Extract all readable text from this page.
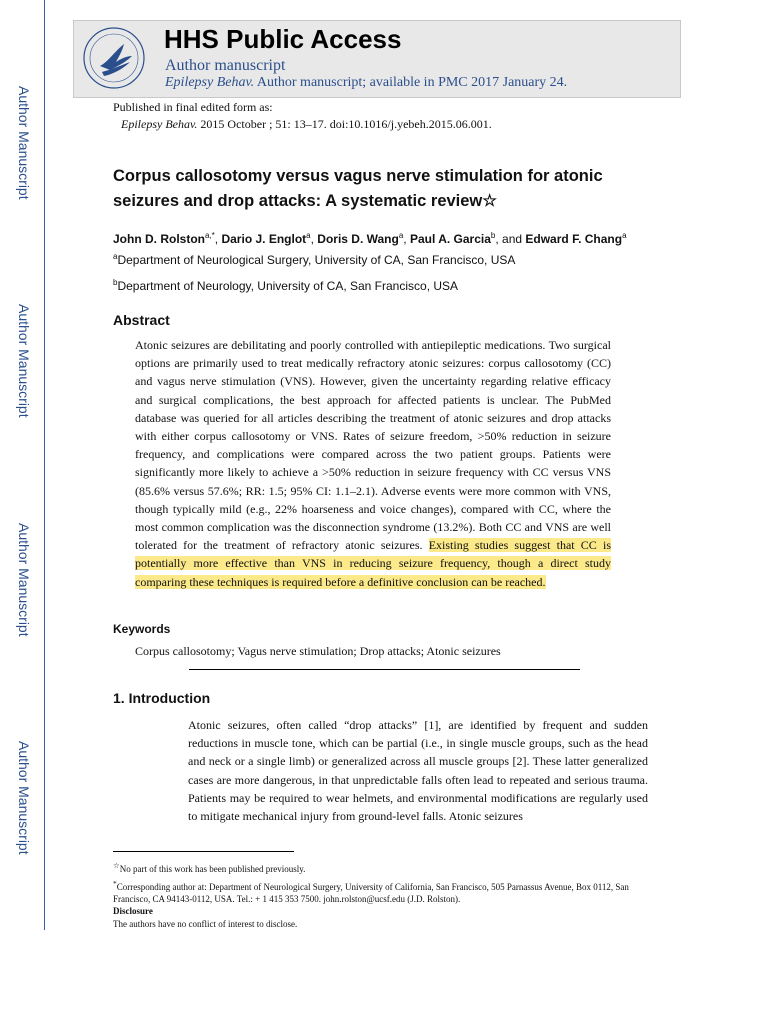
Author Manuscript
Author Manuscript
Author Manuscript
Author Manuscript
HHS Public Access
Author manuscript
Epilepsy Behav. Author manuscript; available in PMC 2017 January 24.
Published in final edited form as:
Epilepsy Behav. 2015 October ; 51: 13–17. doi:10.1016/j.yebeh.2015.06.001.
Corpus callosotomy versus vagus nerve stimulation for atonic seizures and drop attacks: A systematic review☆
John D. Rolston$^{a,*}$, Dario J. Englot$^a$, Doris D. Wang$^a$, Paul A. Garcia$^b$, and Edward F. Chang$^a$
$^a$Department of Neurological Surgery, University of CA, San Francisco, USA
$^b$Department of Neurology, University of CA, San Francisco, USA
Abstract
Atonic seizures are debilitating and poorly controlled with antiepileptic medications. Two surgical options are primarily used to treat medically refractory atonic seizures: corpus callosotomy (CC) and vagus nerve stimulation (VNS). However, given the uncertainty regarding relative efficacy and surgical complications, the best approach for affected patients is unclear. The PubMed database was queried for all articles describing the treatment of atonic seizures and drop attacks with either corpus callosotomy or VNS. Rates of seizure freedom, >50% reduction in seizure frequency, and complications were compared across the two patient groups. Patients were significantly more likely to achieve a >50% reduction in seizure frequency with CC versus VNS (85.6% versus 57.6%; RR: 1.5; 95% CI: 1.1–2.1). Adverse events were more common with VNS, though typically mild (e.g., 22% hoarseness and voice changes), compared with CC, where the most common complication was the disconnection syndrome (13.2%). Both CC and VNS are well tolerated for the treatment of refractory atonic seizures. Existing studies suggest that CC is potentially more effective than VNS in reducing seizure frequency, though a direct study comparing these techniques is required before a definitive conclusion can be reached.
Keywords
Corpus callosotomy; Vagus nerve stimulation; Drop attacks; Atonic seizures
1. Introduction
Atonic seizures, often called “drop attacks” [1], are identified by frequent and sudden reductions in muscle tone, which can be partial (i.e., in single muscle groups, such as the head and neck or a single limb) or generalized across all muscle groups [2]. These latter generalized cases are more dangerous, in that unpredictable falls often lead to repeated and serious trauma. Patients may be required to wear helmets, and environmental modifications are regularly used to mitigate mechanical injury from ground-level falls. Atonic seizures
☆No part of this work has been published previously.
*Corresponding author at: Department of Neurological Surgery, University of California, San Francisco, 505 Parnassus Avenue, Box 0112, San Francisco, CA 94143-0112, USA. Tel.: + 1 415 353 7500. john.rolston@ucsf.edu (J.D. Rolston).
Disclosure
The authors have no conflict of interest to disclose.
